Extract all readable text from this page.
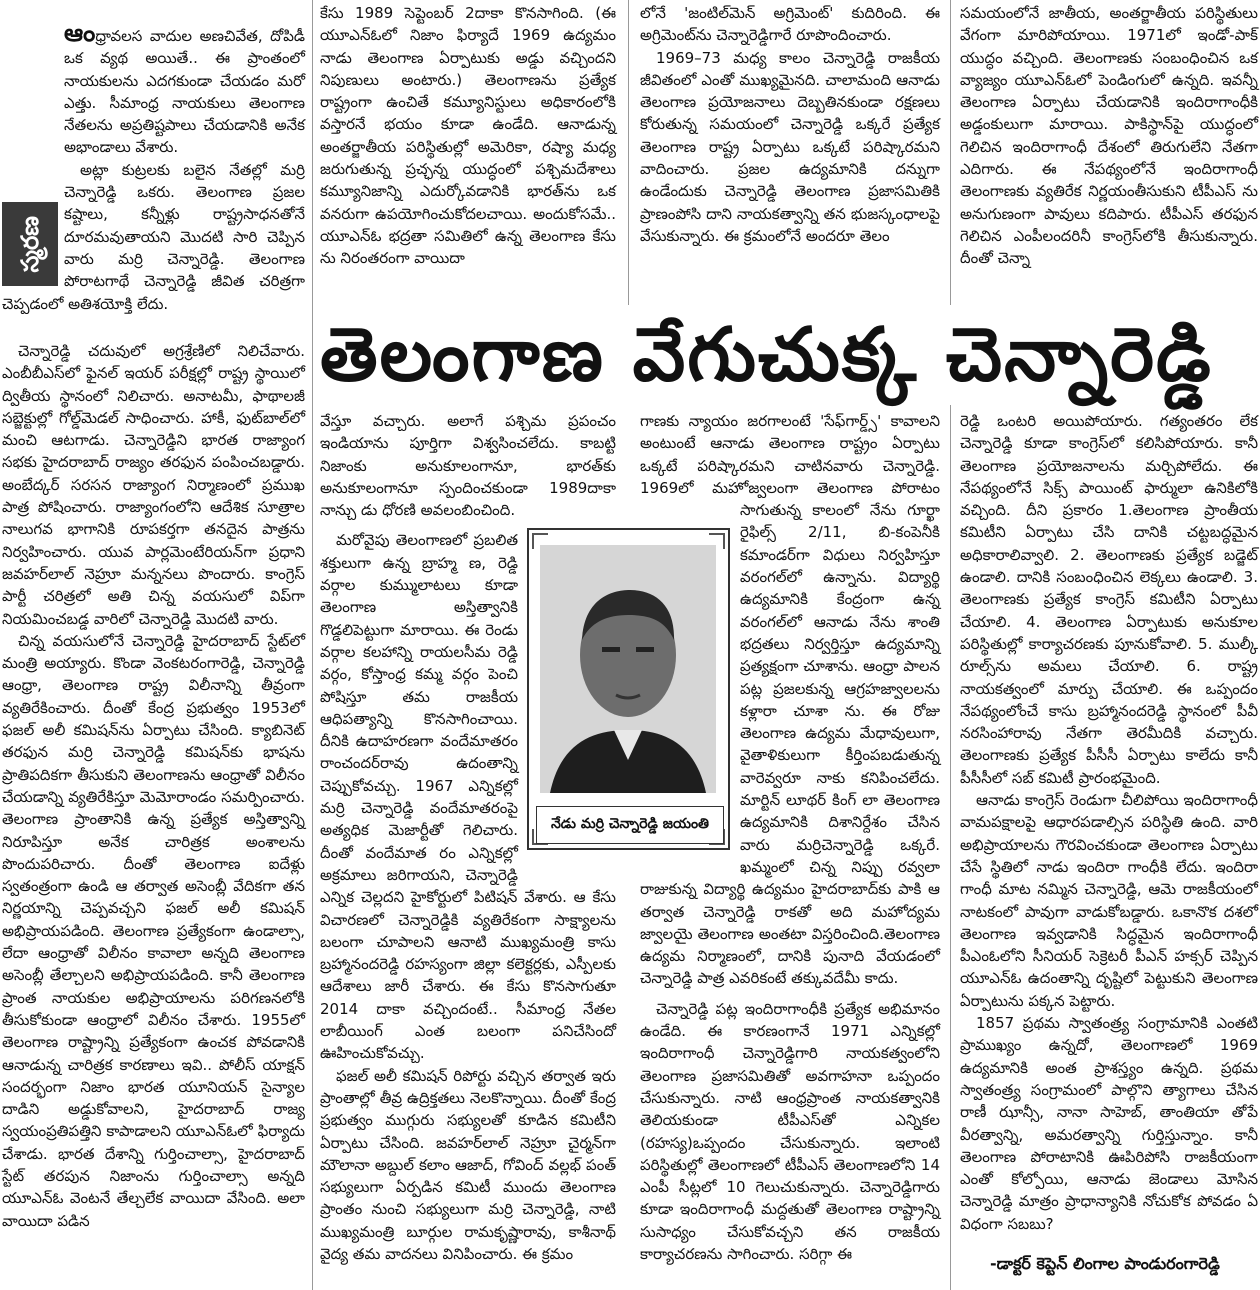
స్మరణ

ఆంధ్రావలస వాదుల అణచివేత, దోపిడీ ఒక వ్యథ అయితే.. ఈ ప్రాంతంలో నాయకులను ఎదగకుండా చేయడం మరో ఎత్తు. సీమాంధ్ర నాయకులు తెలంగాణ నేతలను అప్రతిష్టపాలు చేయడానికి అనేక అభాండాలు వేశారు.

అట్లా కుట్రలకు బలైన నేతల్లో మర్రి చెన్నారెడ్డి ఒకరు. తెలంగాణ ప్రజల కష్టాలు, కన్నీళ్లు రాష్ట్రసాధనతోనే దూరమవుతాయని మొదటి సారి చెప్పిన వారు మర్రి చెన్నారెడ్డి. తెలంగాణ పోరాటగాథే చెన్నారెడ్డి జీవిత చరిత్రగా చెప్పడంలో అతిశయోక్తి లేదు.

తెలంగాణ వేగుచుక్క చెన్నారెడ్డి

చెన్నారెడ్డి చదువులో అగ్రశ్రేణిలో నిలిచేవారు. ఎంబీబీఎస్‌లో ఫైనల్ ఇయర్ పరీక్షల్లో రాష్ట్ర స్థాయిలో ద్వితీయ స్థానంలో నిలిచారు. అనాటమీ, ఫాథాలజీ సబ్జెక్టుల్లో గోల్డ్‌మెడల్ సాధించారు. హాకీ, ఫుట్‌బాల్‌లో మంచి ఆటగాడు. చెన్నారెడ్డిని భారత రాజ్యాంగ సభకు హైదరాబాద్ రాజ్యం తరఫున పంపించబడ్డారు. అంబేద్కర్ సరసన రాజ్యాంగ నిర్మాణంలో ప్రముఖ పాత్ర పోషించారు. రాజ్యాంగంలోని ఆదేశిక సూత్రాల నాలుగవ భాగానికి రూపకర్తగా తనదైన పాత్రను నిర్వహించారు. యువ పార్లమెంటేరియన్‌గా ప్రధాని జవహర్‌లాల్ నెహ్రూ మన్ననలు పొందారు. కాంగ్రెస్ పార్టీ చరిత్రలో అతి చిన్న వయసులో విప్‌గా నియమించబడ్డ వారిలో చెన్నారెడ్డి మొదటి వారు.

చిన్న వయసులోనే చెన్నారెడ్డి హైదరాబాద్ స్టేట్‌లో మంత్రి అయ్యారు. కొండా వెంకటరంగారెడ్డి, చెన్నారెడ్డి ఆంధ్రా, తెలంగాణ రాష్ట్ర విలీనాన్ని తీవ్రంగా వ్యతిరేకించారు. దీంతో కేంద్ర ప్రభుత్వం 1953లో ఫజల్ అలీ కమిషన్‌ను ఏర్పాటు చేసింది. క్యాబినెట్ తరఫున మర్రి చెన్నారెడ్డి కమిషన్‌కు భాషను ప్రాతిపదికగా తీసుకుని తెలంగాణను ఆంధ్రాతో విలీనం చేయడాన్ని వ్యతిరేకిస్తూ మెమోరాండం సమర్పించారు. తెలంగాణ ప్రాంతానికి ఉన్న ప్రత్యేక అస్తిత్వాన్ని నిరూపిస్తూ అనేక చారిత్రక అంశాలను పొందుపరిచారు. దీంతో తెలంగాణ ఐదేళ్లు స్వతంత్రంగా ఉండి ఆ తర్వాత అసెంబ్లీ వేదికగా తన నిర్ణయాన్ని చెప్పవచ్చని ఫజల్ అలీ కమిషన్ అభిప్రాయపడింది. తెలంగాణ ప్రత్యేకంగా ఉండాల్సా, లేదా ఆంధ్రాతో విలీనం కావాలా అన్నది తెలంగాణ అసెంబ్లీ తేల్చాలని అభిప్రాయపడింది. కానీ తెలంగాణ ప్రాంత నాయకుల అభిప్రాయాలను పరిగణనలోకి తీసుకోకుండా ఆంధ్రాలో విలీనం చేశారు. 1955లో తెలంగాణ రాష్ట్రాన్ని ప్రత్యేకంగా ఉంచక పోవడానికి ఆనాడున్న చారిత్రక కారణాలు ఇవి.. పోలీస్ యాక్షన్ సందర్భంగా నిజాం భారత యూనియన్ సైన్యాల దాడిని అడ్డుకోవాలని, హైదరాబాద్ రాజ్య స్వయంప్రతిపత్తిని కాపాడాలని యూఎన్ఓలో ఫిర్యాదు చేశాడు. భారత దేశాన్ని గుర్తించాల్సా, హైదరాబాద్ స్టేట్ తరపున నిజాంను గుర్తించాల్సా అన్నది యూఎన్ఓ వెంటనే తేల్చలేక వాయిదా వేసింది. అలా వాయిదా పడిన

కేసు 1989 సెప్టెంబర్ 2దాకా కొనసాగింది. (ఈ యూఎన్ఓలో నిజాం ఫిర్యాదే 1969 ఉద్యమం నాడు తెలంగాణ ఏర్పాటుకు అడ్డు వచ్చిందని నిపుణులు అంటారు.) తెలంగాణను ప్రత్యేక రాష్ట్రంగా ఉంచితే కమ్యూనిస్టులు అధికారంలోకి వస్తారనే భయం కూడా ఉండేది. ఆనాడున్న అంతర్జాతీయ పరిస్థితుల్లో అమెరికా, రష్యా మధ్య జరుగుతున్న ప్రచ్ఛన్న యుద్ధంలో పశ్చిమదేశాలు కమ్యూనిజాన్ని ఎదుర్కోవడానికి భారత్‌ను ఒక వనరుగా ఉపయోగించుకోదలచాయి. అందుకోసమే.. యూఎన్ఓ భద్రతా సమితిలో ఉన్న తెలంగాణ కేసు ను నిరంతరంగా వాయిదా

వేస్తూ వచ్చారు. అలాగే పశ్చిమ ప్రపంచం ఇండియాను పూర్తిగా విశ్వసించలేదు. కాబట్టి నిజాంకు అనుకూలంగానూ, భారత్‌కు అనుకూలంగానూ స్పందించకుండా 1989దాకా నాన్చు డు ధోరణి అవలంబించింది.

మరోవైపు తెలంగాణలో ప్రబలిత శక్తులుగా ఉన్న బ్రాహ్మ ణ, రెడ్డి వర్గాల కుమ్ములాటలు కూడా తెలంగాణ అస్తిత్వానికి గొడ్డలిపెట్టుగా మారాయి. ఈ రెండు వర్గాల కలహాన్ని రాయలసీమ రెడ్డి వర్గం, కోస్తాంధ్ర కమ్మ వర్గం పెంచి పోషిస్తూ తమ రాజకీయ ఆధిపత్యాన్ని కొనసాగించాయి. దీనికి ఉదాహరణగా వందేమాతరం రాంచందర్‌రావు ఉదంతాన్ని చెప్పుకోవచ్చు. 1967 ఎన్నికల్లో మర్రి చెన్నారెడ్డి వందేమాతరంపై అత్యధిక మెజార్టీతో గెలిచారు. దీంతో వందేమాత రం ఎన్నికల్లో అక్రమాలు జరిగాయని, చెన్నారెడ్డి ఎన్నిక చెల్లదని హైకోర్టులో పిటిషన్ వేశారు. ఆ కేసు విచారణలో చెన్నారెడ్డికి వ్యతిరేకంగా సాక్ష్యాలను బలంగా చూపాలని ఆనాటి ముఖ్యమంత్రి కాసు బ్రహ్మానందరెడ్డి రహస్యంగా జిల్లా కలెక్టర్లకు, ఎస్పీలకు ఆదేశాలు జారీ చేశారు. ఈ కేసు కొనసాగుతూ 2014 దాకా వచ్చిందంటే.. సీమాంధ్ర నేతల లాబీయింగ్ ఎంత బలంగా పనిచేసిందో ఊహించుకోవచ్చు.

ఫజల్ అలీ కమిషన్ రిపోర్టు వచ్చిన తర్వాత ఇరు ప్రాంతాల్లో తీవ్ర ఉద్రిక్తతలు నెలకొన్నాయి. దీంతో కేంద్ర ప్రభుత్వం ముగ్గురు సభ్యులతో కూడిన కమిటీని ఏర్పాటు చేసింది. జవహర్‌లాల్ నెహ్రూ చైర్మన్‌గా మౌలానా అబ్దుల్ కలాం ఆజాద్, గోవింద్ వల్లభ్ పంత్ సభ్యులుగా ఏర్పడిన కమిటీ ముందు తెలంగాణ ప్రాంతం నుంచి సభ్యులుగా మర్రి చెన్నారెడ్డి, నాటి ముఖ్యమంత్రి బూర్గుల రామకృష్ణారావు, కాశీనాథ్ వైద్య తమ వాదనలు వినిపించారు. ఈ క్రమం

లోనే 'జంటిల్‌మెన్ అగ్రిమెంట్' కుదిరింది. ఈ అగ్రిమెంట్‌ను చెన్నారెడ్డిగారే రూపొందించారు.

1969–73 మధ్య కాలం చెన్నారెడ్డి రాజకీయ జీవితంలో ఎంతో ముఖ్యమైనది. చాలామంది ఆనాడు తెలంగాణ ప్రయోజనాలు దెబ్బతినకుండా రక్షణలు కోరుతున్న సమయంలో చెన్నారెడ్డి ఒక్కరే ప్రత్యేక తెలంగాణ రాష్ట్ర ఏర్పాటు ఒక్కటే పరిష్కారమని వాదించారు. ప్రజల ఉద్యమానికి దన్నుగా ఉండేందుకు చెన్నారెడ్డి తెలంగాణ ప్రజాసమితికి ప్రాణంపోసి దాని నాయకత్వాన్ని తన భుజస్కంధాలపై వేసుకున్నారు. ఈ క్రమంలోనే అందరూ తెలం

గాణకు న్యాయం జరగాలంటే 'సేఫ్‌గార్డ్స్' కావాలని అంటుంటే ఆనాడు తెలంగాణ రాష్ట్రం ఏర్పాటు ఒక్కటే పరిష్కారమని చాటినవారు చెన్నారెడ్డి. 1969లో మహోజ్వలంగా తెలంగాణ పోరాటం సాగుతున్న కాలంలో నేను గూర్ఖా రైఫిల్స్ 2/11, బి-కంపెనీకి కమాండర్‌గా విధులు నిర్వహిస్తూ వరంగల్‌లో ఉన్నాను. విద్యార్థి ఉద్యమానికి కేంద్రంగా ఉన్న వరంగల్‌లో ఆనాడు నేను శాంతి భద్రతలు నిర్వర్తిస్తూ ఉద్యమాన్ని ప్రత్యక్షంగా చూశాను. ఆంధ్రా పాలన పట్ల ప్రజలకున్న ఆగ్రహజ్వాలలను కళ్లారా చూశా ను. ఈ రోజు తెలంగాణ ఉద్యమ మేధావులుగా, వైతాళికులుగా కీర్తింపబడుతున్న వారెవ్వరూ నాకు కనిపించలేదు. మార్టిన్ లూథర్ కింగ్ లా తెలంగాణ ఉద్యమానికి దిశానిర్దేశం చేసిన వారు మర్రిచెన్నారెడ్డి ఒక్కరే. ఖమ్మంలో చిన్న నిప్పు రవ్వలా రాజుకున్న విద్యార్థి ఉద్యమం హైదరాబాద్‌కు పాకి ఆ తర్వాత చెన్నారెడ్డి రాకతో అది మహోద్యమ జ్వాలయై తెలంగాణ అంతటా విస్తరించింది.తెలంగాణ ఉద్యమ నిర్మాణంలో, దానికి పునాది వేయడంలో చెన్నారెడ్డి పాత్ర ఎవరికంటే తక్కువదేమీ కాదు.

చెన్నారెడ్డి పట్ల ఇందిరాగాంధీకి ప్రత్యేక అభిమానం ఉండేది. ఈ కారణంగానే 1971 ఎన్నికల్లో ఇందిరాగాంధీ చెన్నారెడ్డిగారి నాయకత్వంలోని తెలంగాణ ప్రజాసమితితో అవగాహనా ఒప్పందం చేసుకున్నారు. నాటి ఆంధ్రప్రాంత నాయకత్వానికి తెలియకుండా టీపీఎస్‌తో ఎన్నికల (రహస్య)ఒప్పందం చేసుకున్నారు. ఇలాంటి పరిస్థితుల్లో తెలంగాణలో టీపీఎస్ తెలంగాణలోని 14 ఎంపీ సీట్లలో 10 గెలుచుకున్నారు. చెన్నారెడ్డిగారు కూడా ఇందిరాగాంధీ మద్దతుతో తెలంగాణ రాష్ట్రాన్ని సుసాధ్యం చేసుకోవచ్చని తన రాజకీయ కార్యాచరణను సాగించారు. సరిగ్గా ఈ

సమయంలోనే జాతీయ, అంతర్జాతీయ పరిస్థితులు వేగంగా మారిపోయాయి. 1971లో ఇండో-పాక్ యుద్ధం వచ్చింది. తెలంగాణకు సంబంధించిన ఒక వ్యాజ్యం యూఎన్ఓలో పెండింగులో ఉన్నది. ఇవన్నీ తెలంగాణ ఏర్పాటు చేయడానికి ఇందిరాగాంధీకి అడ్డంకులుగా మారాయి. పాకిస్థాన్‌పై యుద్ధంలో గెలిచిన ఇందిరాగాంధీ దేశంలో తిరుగులేని నేతగా ఎదిగారు. ఈ నేపథ్యంలోనే ఇందిరాగాంధీ తెలంగాణకు వ్యతిరేక నిర్ణయంతీసుకుని టీపీఎస్ ను అనుగుణంగా పావులు కదిపారు. టీపీఎస్ తరఫున గెలిచిన ఎంపీలందరినీ కాంగ్రెస్‌లోకి తీసుకున్నారు. దీంతో చెన్నా

రెడ్డి ఒంటరి అయిపోయారు. గత్యంతరం లేక చెన్నారెడ్డి కూడా కాంగ్రెస్‌లో కలిసిపోయారు. కానీ తెలంగాణ ప్రయోజనాలను మర్చిపోలేదు. ఈ నేపథ్యంలోనే సిక్స్ పాయింట్ ఫార్ములా ఉనికిలోకి వచ్చింది. దీని ప్రకారం 1.తెలంగాణ ప్రాంతీయ కమిటీని ఏర్పాటు చేసి దానికి చట్టబద్ధమైన అధికారాలివ్వాలి. 2. తెలంగాణకు ప్రత్యేక బడ్జెట్ ఉండాలి. దానికి సంబంధించిన లెక్కలు ఉండాలి. 3. తెలంగాణకు ప్రత్యేక కాంగ్రెస్ కమిటీని ఏర్పాటు చేయాలి. 4. తెలంగాణ ఏర్పాటుకు అనుకూల పరిస్థితుల్లో కార్యాచరణకు పూనుకోవాలి. 5. ముల్కీ రూల్స్‌ను అమలు చేయాలి. 6. రాష్ట్ర నాయకత్వంలో మార్పు చేయాలి. ఈ ఒప్పందం నేపథ్యంలోంచే కాసు బ్రహ్మానందరెడ్డి స్థానంలో పీవీ నరసింహారావు నేతగా తెరమీదికి వచ్చారు. తెలంగాణకు ప్రత్యేక పీసీసీ ఏర్పాటు కాలేదు కానీ పీసీసీలో సబ్ కమిటీ ప్రారంభమైంది.

ఆనాడు కాంగ్రెస్ రెండుగా చీలిపోయి ఇందిరాగాంధీ వామపక్షాలపై ఆధారపడాల్సిన పరిస్థితి ఉంది. వారి అభిప్రాయాలను గౌరవించకుండా తెలంగాణ ఏర్పాటు చేసే స్థితిలో నాడు ఇందిరా గాంధీకి లేదు. ఇందిరా గాంధీ మాట నమ్మిన చెన్నారెడ్డి, ఆమె రాజకీయంలో నాటకంలో పావుగా వాడుకోబడ్డారు. ఒకానొక దశలో తెలంగాణ ఇవ్వడానికి సిద్ధమైన ఇందిరాగాంధీ పీఎంఓలోని సీనియర్ సెక్రెటరీ పీఎన్ హక్సర్ చెప్పిన యూఎన్ఓ ఉదంతాన్ని దృష్టిలో పెట్టుకుని తెలంగాణ ఏర్పాటును పక్కన పెట్టారు.

1857 ప్రథమ స్వాతంత్ర్య సంగ్రామానికి ఎంతటి ప్రాముఖ్యం ఉన్నదో, తెలంగాణలో 1969 ఉద్యమానికి అంత ప్రాశస్త్యం ఉన్నది. ప్రథమ స్వాతంత్ర్య సంగ్రామంలో పాల్గొని త్యాగాలు చేసిన రాణీ ఝాన్సీ, నానా సాహెబ్, తాంతియా తోపే వీరత్వాన్ని, అమరత్వాన్ని గుర్తిస్తున్నాం. కానీ తెలంగాణ పోరాటానికి ఊపిరిపోసి రాజకీయంగా ఎంతో కోల్పోయి, ఆనాడు జెండాలు మోసిన చెన్నారెడ్డి మాత్రం ప్రాధాన్యానికి నోచుకోక పోవడం ఏ విధంగా సబబు?

నేడు మర్రి చెన్నారెడ్డి జయంతి
-డాక్టర్ కెప్టెన్ లింగాల పాండురంగారెడ్డి
